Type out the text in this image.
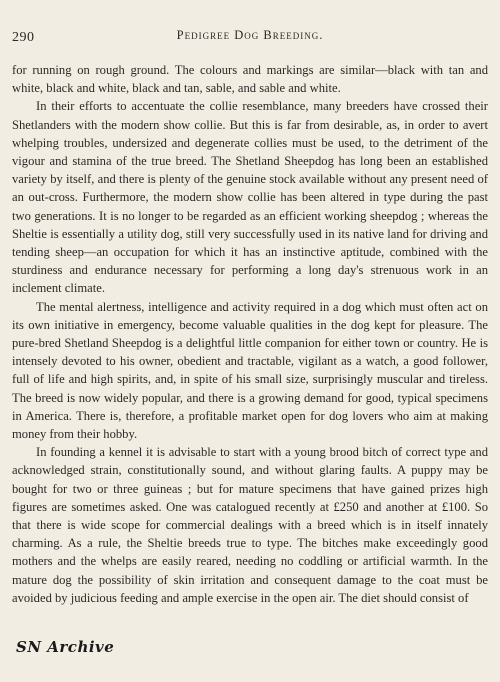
290	Pedigree Dog Breeding.

for running on rough ground. The colours and markings are similar—black with tan and white, black and white, black and tan, sable, and sable and white.

In their efforts to accentuate the collie resemblance, many breeders have crossed their Shetlanders with the modern show collie. But this is far from desirable, as, in order to avert whelping troubles, undersized and degenerate collies must be used, to the detriment of the vigour and stamina of the true breed. The Shetland Sheepdog has long been an established variety by itself, and there is plenty of the genuine stock available without any present need of an out-cross. Furthermore, the modern show collie has been altered in type during the past two generations. It is no longer to be regarded as an efficient working sheepdog ; whereas the Sheltie is essentially a utility dog, still very successfully used in its native land for driving and tending sheep—an occupation for which it has an instinctive aptitude, combined with the sturdiness and endurance necessary for performing a long day's strenuous work in an inclement climate.

The mental alertness, intelligence and activity required in a dog which must often act on its own initiative in emergency, become valuable qualities in the dog kept for pleasure. The pure-bred Shetland Sheepdog is a delightful little companion for either town or country. He is intensely devoted to his owner, obedient and tractable, vigilant as a watch, a good follower, full of life and high spirits, and, in spite of his small size, surprisingly muscular and tireless. The breed is now widely popular, and there is a growing demand for good, typical specimens in America. There is, therefore, a profitable market open for dog lovers who aim at making money from their hobby.

In founding a kennel it is advisable to start with a young brood bitch of correct type and acknowledged strain, constitutionally sound, and without glaring faults. A puppy may be bought for two or three guineas ; but for mature specimens that have gained prizes high figures are sometimes asked. One was catalogued recently at £250 and another at £100. So that there is wide scope for commercial dealings with a breed which is in itself innately charming. As a rule, the Sheltie breeds true to type. The bitches make exceedingly good mothers and the whelps are easily reared, needing no coddling or artificial warmth. In the mature dog the possibility of skin irritation and consequent damage to the coat must be avoided by judicious feeding and ample exercise in the open air. The diet should consist of

SN Archive
